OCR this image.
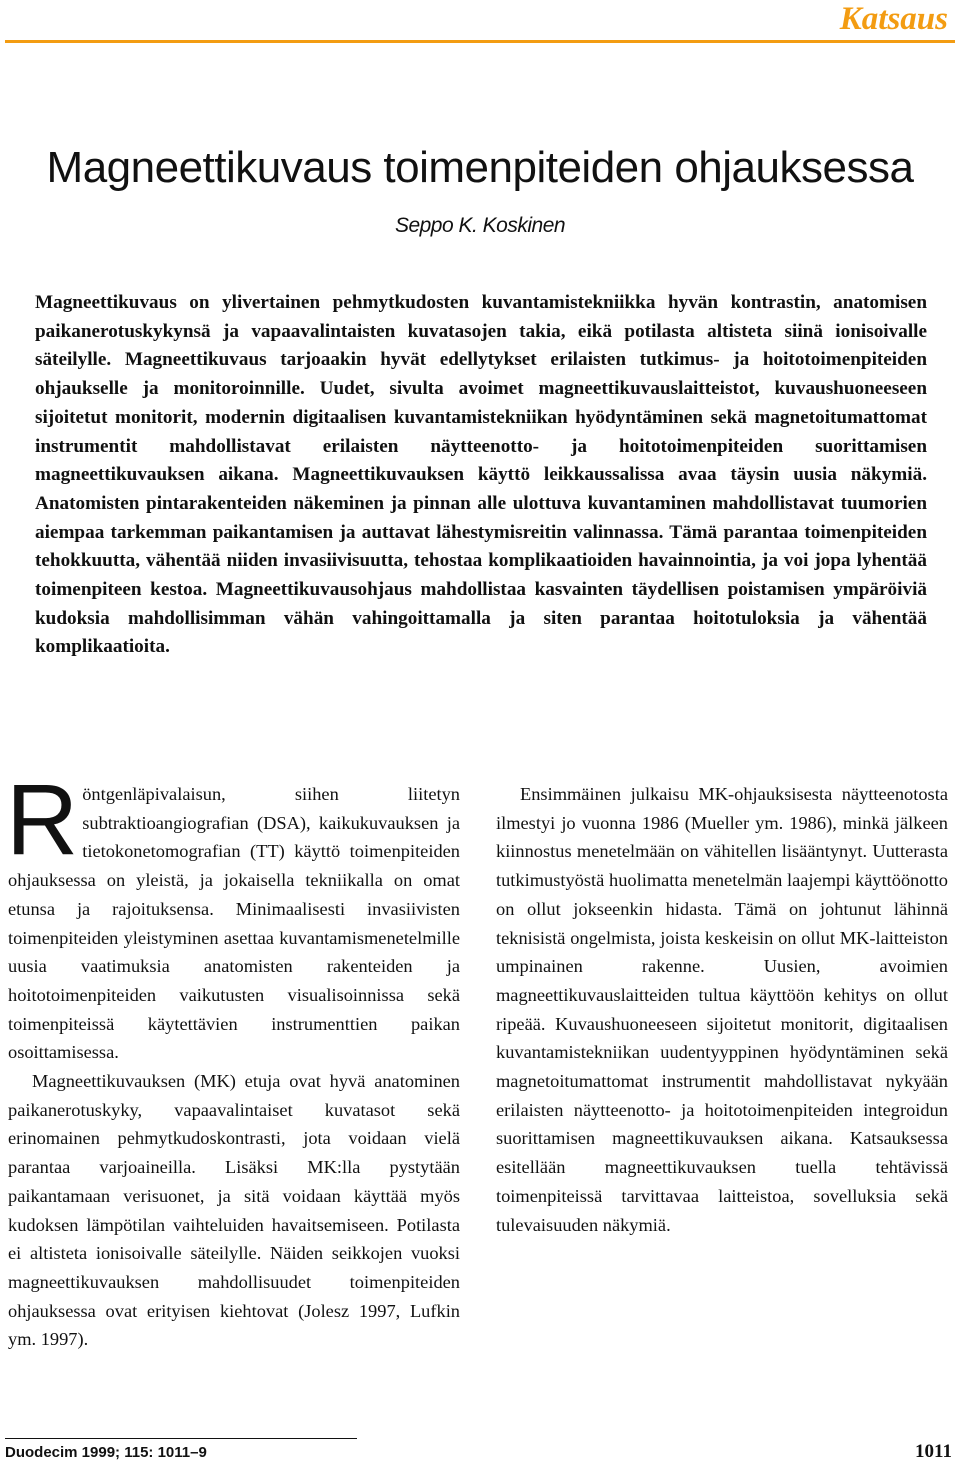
Katsaus
Magneettikuvaus toimenpiteiden ohjauksessa
Seppo K. Koskinen

Magneettikuvaus on ylivertainen pehmytkudosten kuvantamistekniikka hyvän kontrastin, anatomisen paikanerotuskykynsä ja vapaavalintaisten kuvatasojen takia, eikä potilasta altisteta siinä ionisoivalle säteilylle. Magneettikuvaus tarjoaakin hyvät edellytykset erilaisten tutkimus- ja hoitotoimenpiteiden ohjaukselle ja monitoroinnille. Uudet, sivulta avoimet magneettikuvauslaitteistot, kuvaushuoneeseen sijoitetut monitorit, modernin digitaalisen kuvantamistekniikan hyödyntäminen sekä magnetoitumattomat instrumentit mahdollistavat erilaisten näytteenotto- ja hoitotoimenpiteiden suorittamisen magneettikuvauksen aikana. Magneettikuvauksen käyttö leikkaussalissa avaa täysin uusia näkymiä. Anatomisten pintarakenteiden näkeminen ja pinnan alle ulottuva kuvantaminen mahdollistavat tuumorien aiempaa tarkemman paikantamisen ja auttavat lähestymisreitin valinnassa. Tämä parantaa toimenpiteiden tehokkuutta, vähentää niiden invasiivisuutta, tehostaa komplikaatioiden havainnointia, ja voi jopa lyhentää toimenpiteen kestoa. Magneettikuvausohjaus mahdollistaa kasvainten täydellisen poistamisen ympäröiviä kudoksia mahdollisimman vähän vahingoittamalla ja siten parantaa hoitotuloksia ja vähentää komplikaatioita.

Röntgenläpivalaisun, siihen liitetyn subtraktioangiografian (DSA), kaikukuvauksen ja tietokonetomografian (TT) käyttö toimenpiteiden ohjauksessa on yleistä, ja jokaisella tekniikalla on omat etunsa ja rajoituksensa. Minimaalisesti invasiivisten toimenpiteiden yleistyminen asettaa kuvantamismenetelmille uusia vaatimuksia anatomisten rakenteiden ja hoitotoimenpiteiden vaikutusten visualisoinnissa sekä toimenpiteissä käytettävien instrumenttien paikan osoittamisessa.

Magneettikuvauksen (MK) etuja ovat hyvä anatominen paikanerotuskyky, vapaavalintaiset kuvatasot sekä erinomainen pehmytkudoskontrasti, jota voidaan vielä parantaa varjoaineilla. Lisäksi MK:lla pystytään paikantamaan verisuonet, ja sitä voidaan käyttää myös kudoksen lämpötilan vaihteluiden havaitsemiseen. Potilasta ei altisteta ionisoivalle säteilylle. Näiden seikkojen vuoksi magneettikuvauksen mahdollisuudet toimenpiteiden ohjauksessa ovat erityisen kiehtovat (Jolesz 1997, Lufkin ym. 1997).

Ensimmäinen julkaisu MK-ohjauksisesta näytteenotosta ilmestyi jo vuonna 1986 (Mueller ym. 1986), minkä jälkeen kiinnostus menetelmään on vähitellen lisääntynyt. Uutterasta tutkimustyöstä huolimatta menetelmän laajempi käyttöönotto on ollut jokseenkin hidasta. Tämä on johtunut lähinnä teknisistä ongelmista, joista keskeisin on ollut MK-laitteiston umpinainen rakenne. Uusien, avoimien magneettikuvauslaitteiden tultua käyttöön kehitys on ollut ripeää. Kuvaushuoneeseen sijoitetut monitorit, digitaalisen kuvantamistekniikan uudentyyppinen hyödyntäminen sekä magnetoitumattomat instrumentit mahdollistavat nykyään erilaisten näytteenotto- ja hoitotoimenpiteiden integroidun suorittamisen magneettikuvauksen aikana. Katsauksessa esitellään magneettikuvauksen tuella tehtävissä toimenpiteissä tarvittavaa laitteistoa, sovelluksia sekä tulevaisuuden näkymiä.

Duodecim 1999; 115: 1011–9	1011
